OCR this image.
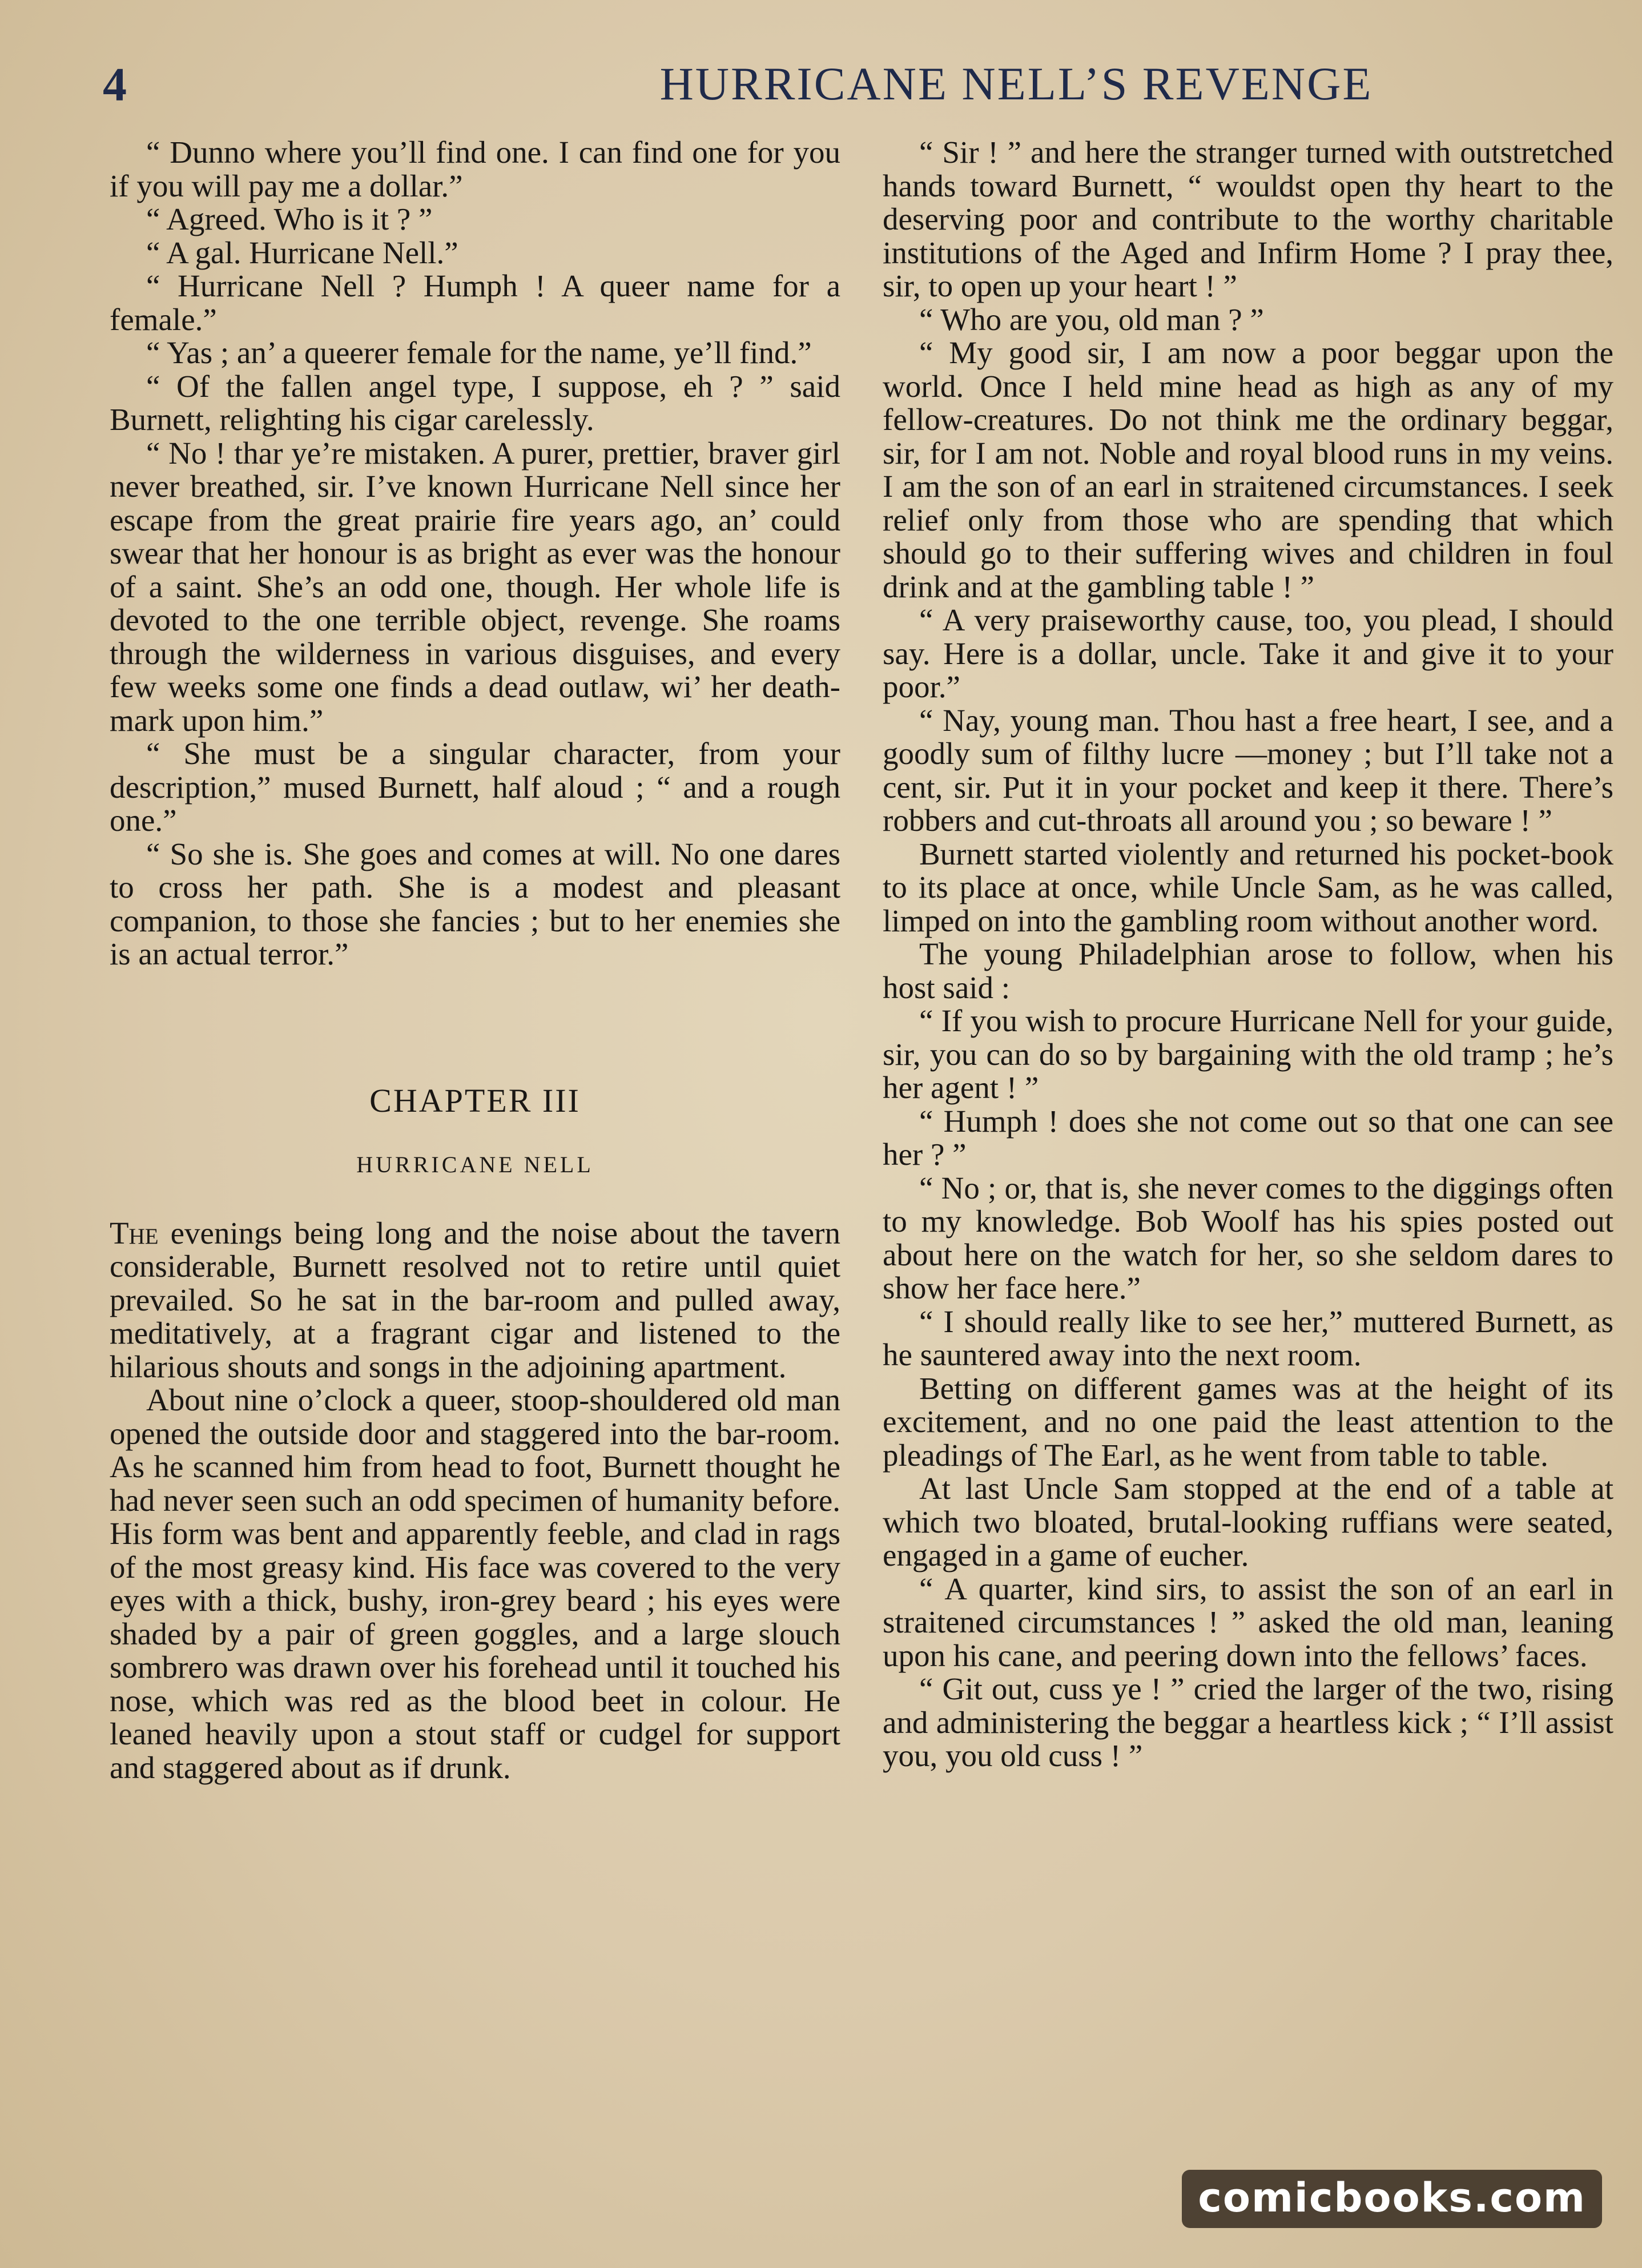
4	HURRICANE NELL’S REVENGE

“ Dunno where you’ll find one. I can find one for you if you will pay me a dollar.”

“ Agreed. Who is it ? ”

“ A gal. Hurricane Nell.”

“ Hurricane Nell ? Humph ! A queer name for a female.”

“ Yas ; an’ a queerer female for the name, ye’ll find.”

“ Of the fallen angel type, I suppose, eh ? ” said Burnett, relighting his cigar carelessly.

“ No ! thar ye’re mistaken. A purer, prettier, braver girl never breathed, sir. I’ve known Hurricane Nell since her escape from the great prairie fire years ago, an’ could swear that her honour is as bright as ever was the honour of a saint. She’s an odd one, though. Her whole life is devoted to the one terrible object, revenge. She roams through the wilderness in various disguises, and every few weeks some one finds a dead outlaw, wi’ her death-mark upon him.”

“ She must be a singular character, from your description,” mused Burnett, half aloud ; “ and a rough one.”

“ So she is. She goes and comes at will. No one dares to cross her path. She is a modest and pleasant companion, to those she fancies ; but to her enemies she is an actual terror.”

CHAPTER III
HURRICANE NELL

The evenings being long and the noise about the tavern considerable, Burnett resolved not to retire until quiet prevailed. So he sat in the bar-room and pulled away, meditatively, at a fragrant cigar and listened to the hilarious shouts and songs in the adjoining apartment.

About nine o’clock a queer, stoop-shouldered old man opened the outside door and staggered into the bar-room. As he scanned him from head to foot, Burnett thought he had never seen such an odd specimen of humanity before. His form was bent and apparently feeble, and clad in rags of the most greasy kind. His face was covered to the very eyes with a thick, bushy, iron-grey beard ; his eyes were shaded by a pair of green goggles, and a large slouch sombrero was drawn over his forehead until it touched his nose, which was red as the blood beet in colour. He leaned heavily upon a stout staff or cudgel for support and staggered about as if drunk.

“ Sir ! ” and here the stranger turned with outstretched hands toward Burnett, “ wouldst open thy heart to the deserving poor and contribute to the worthy charitable institutions of the Aged and Infirm Home ? I pray thee, sir, to open up your heart ! ”

“ Who are you, old man ? ”

“ My good sir, I am now a poor beggar upon the world. Once I held mine head as high as any of my fellow-creatures. Do not think me the ordinary beggar, sir, for I am not. Noble and royal blood runs in my veins. I am the son of an earl in straitened circumstances. I seek relief only from those who are spending that which should go to their suffering wives and children in foul drink and at the gambling table ! ”

“ A very praiseworthy cause, too, you plead, I should say. Here is a dollar, uncle. Take it and give it to your poor.”

“ Nay, young man. Thou hast a free heart, I see, and a goodly sum of filthy lucre —money ; but I’ll take not a cent, sir. Put it in your pocket and keep it there. There’s robbers and cut-throats all around you ; so beware ! ”

Burnett started violently and returned his pocket-book to its place at once, while Uncle Sam, as he was called, limped on into the gambling room without another word.

The young Philadelphian arose to follow, when his host said :

“ If you wish to procure Hurricane Nell for your guide, sir, you can do so by bargaining with the old tramp ; he’s her agent ! ”

“ Humph ! does she not come out so that one can see her ? ”

“ No ; or, that is, she never comes to the diggings often to my knowledge. Bob Woolf has his spies posted out about here on the watch for her, so she seldom dares to show her face here.”

“ I should really like to see her,” muttered Burnett, as he sauntered away into the next room.

Betting on different games was at the height of its excitement, and no one paid the least attention to the pleadings of The Earl, as he went from table to table.

At last Uncle Sam stopped at the end of a table at which two bloated, brutal-looking ruffians were seated, engaged in a game of eucher.

“ A quarter, kind sirs, to assist the son of an earl in straitened circumstances ! ” asked the old man, leaning upon his cane, and peering down into the fellows’ faces.

“ Git out, cuss ye ! ” cried the larger of the two, rising and administering the beggar a heartless kick ; “ I’ll assist you, you old cuss ! ”

comicbooks.com
